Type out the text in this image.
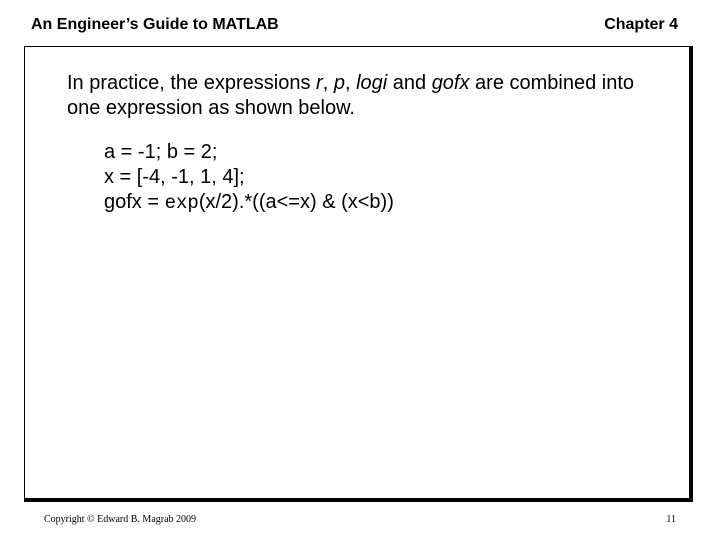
An Engineer’s Guide to MATLAB	Chapter 4
In practice, the expressions r, p, logi and gofx are combined into one expression as shown below.
a = -1; b = 2;
x = [-4, -1, 1, 4];
gofx = exp(x/2).*((a<=x) & (x<b))
Copyright © Edward B. Magrab 2009	11
